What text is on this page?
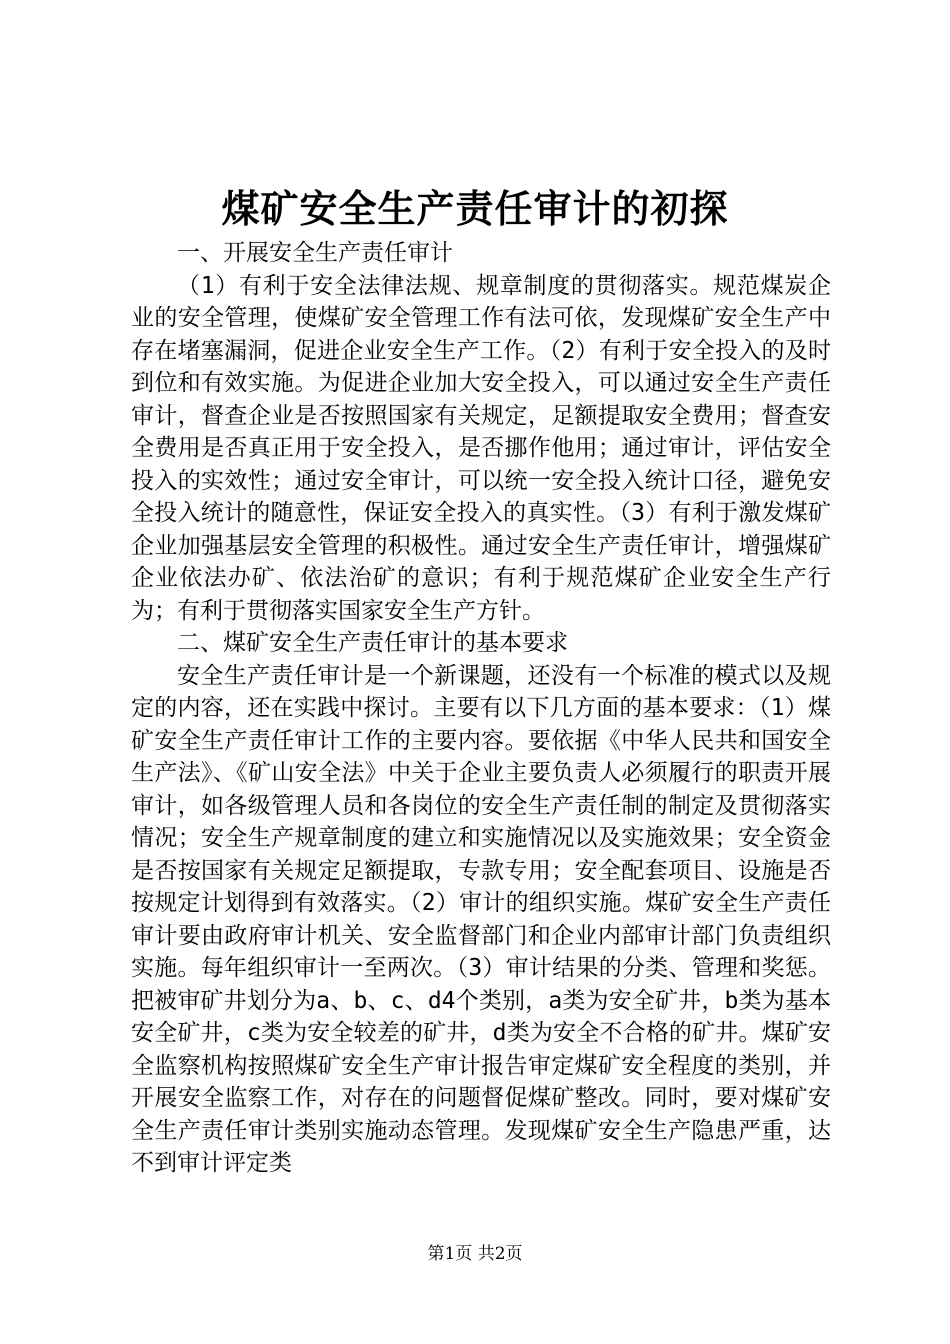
煤矿安全生产责任审计的初探

一、开展安全生产责任审计

（1）有利于安全法律法规、规章制度的贯彻落实。规范煤炭企业的安全管理，使煤矿安全管理工作有法可依，发现煤矿安全生产中存在堵塞漏洞，促进企业安全生产工作。（2）有利于安全投入的及时到位和有效实施。为促进企业加大安全投入，可以通过安全生产责任审计，督查企业是否按照国家有关规定，足额提取安全费用；督查安全费用是否真正用于安全投入，是否挪作他用；通过审计，评估安全投入的实效性；通过安全审计，可以统一安全投入统计口径，避免安全投入统计的随意性，保证安全投入的真实性。（3）有利于激发煤矿企业加强基层安全管理的积极性。通过安全生产责任审计，增强煤矿企业依法办矿、依法治矿的意识；有利于规范煤矿企业安全生产行为；有利于贯彻落实国家安全生产方针。

二、煤矿安全生产责任审计的基本要求

安全生产责任审计是一个新课题，还没有一个标准的模式以及规定的内容，还在实践中探讨。主要有以下几方面的基本要求：（1）煤矿安全生产责任审计工作的主要内容。要依据《中华人民共和国安全生产法》、《矿山安全法》中关于企业主要负责人必须履行的职责开展审计，如各级管理人员和各岗位的安全生产责任制的制定及贯彻落实情况；安全生产规章制度的建立和实施情况以及实施效果；安全资金是否按国家有关规定足额提取，专款专用；安全配套项目、设施是否按规定计划得到有效落实。（2）审计的组织实施。煤矿安全生产责任审计要由政府审计机关、安全监督部门和企业内部审计部门负责组织实施。每年组织审计一至两次。（3）审计结果的分类、管理和奖惩。把被审矿井划分为a、b、c、d4个类别，a类为安全矿井，b类为基本安全矿井，c类为安全较差的矿井，d类为安全不合格的矿井。煤矿安全监察机构按照煤矿安全生产审计报告审定煤矿安全程度的类别，并开展安全监察工作，对存在的问题督促煤矿整改。同时，要对煤矿安全生产责任审计类别实施动态管理。发现煤矿安全生产隐患严重，达不到审计评定类

第1页 共2页
